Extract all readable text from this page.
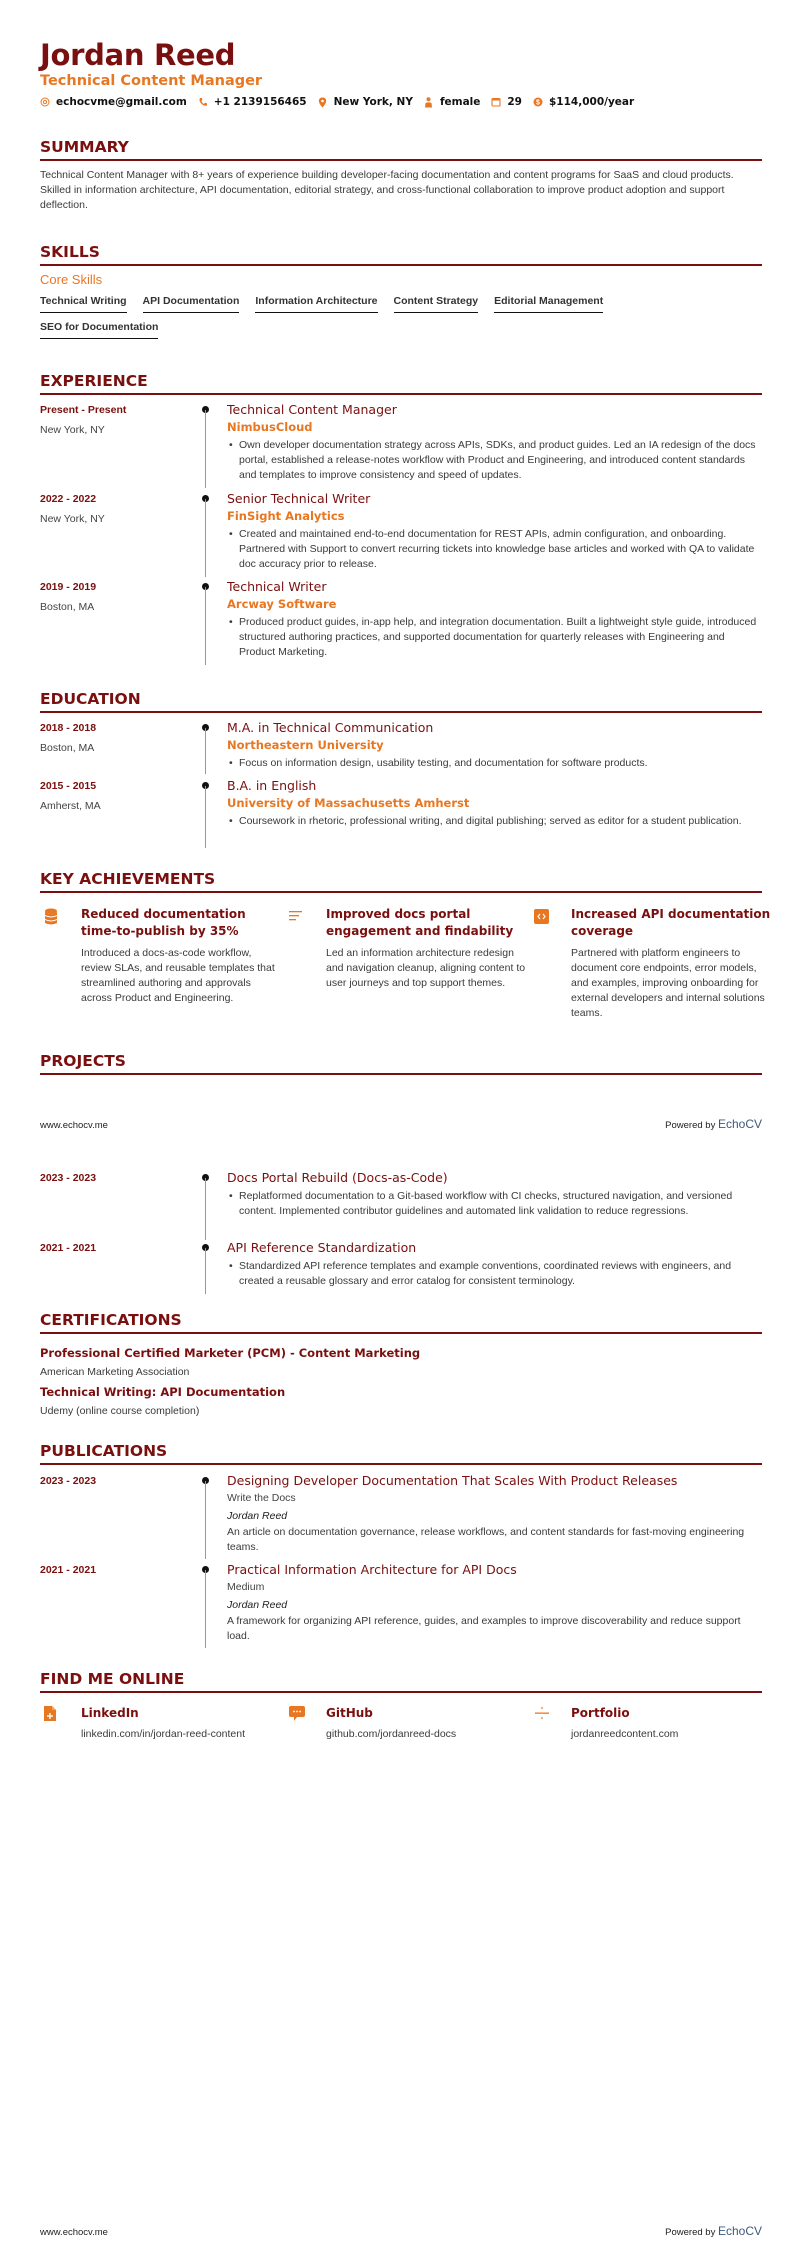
Jordan Reed
Technical Content Manager
echocvme@gmail.com	+1 2139156465	New York, NY	female	29 $ $114,000/year
SUMMARY
Technical Content Manager with 8+ years of experience building developer-facing documentation and content programs for SaaS and cloud products. Skilled in information architecture, API documentation, editorial strategy, and cross-functional collaboration to improve product adoption and support deflection.
SKILLS
Core Skills
Technical Writing API Documentation Information Architecture Content Strategy Editorial Management
SEO for Documentation
EXPERIENCE
Present - Present
New York, NY
Technical Content Manager
NimbusCloud
• Own developer documentation strategy across APIs, SDKs, and product guides. Led an IA redesign of the docs portal, established a release-notes workflow with Product and Engineering, and introduced content standards and templates to improve consistency and speed of updates.
2022 - 2022
New York, NY
Senior Technical Writer
FinSight Analytics
• Created and maintained end-to-end documentation for REST APIs, admin configuration, and onboarding. Partnered with Support to convert recurring tickets into knowledge base articles and worked with QA to validate doc accuracy prior to release.
2019 - 2019
Boston, MA
Technical Writer
Arcway Software
• Produced product guides, in-app help, and integration documentation. Built a lightweight style guide, introduced structured authoring practices, and supported documentation for quarterly releases with Engineering and Product Marketing.
EDUCATION
2018 - 2018
Boston, MA
M.A. in Technical Communication
Northeastern University
• Focus on information design, usability testing, and documentation for software products.
2015 - 2015
Amherst, MA
B.A. in English
University of Massachusetts Amherst
• Coursework in rhetoric, professional writing, and digital publishing; served as editor for a student publication.
KEY ACHIEVEMENTS
Reduced documentation time-to-publish by 35%
Introduced a docs-as-code workflow, review SLAs, and reusable templates that streamlined authoring and approvals across Product and Engineering.
Improved docs portal engagement and findability
Led an information architecture redesign and navigation cleanup, aligning content to user journeys and top support themes.
Increased API documentation coverage
Partnered with platform engineers to document core endpoints, error models, and examples, improving onboarding for external developers and internal solutions teams.
PROJECTS
www.echocv.me	Powered by EchoCV
2023 - 2023	Docs Portal Rebuild (Docs-as-Code)
• Replatformed documentation to a Git-based workflow with CI checks, structured navigation, and versioned content. Implemented contributor guidelines and automated link validation to reduce regressions.
2021 - 2021	API Reference Standardization
• Standardized API reference templates and example conventions, coordinated reviews with engineers, and created a reusable glossary and error catalog for consistent terminology.
CERTIFICATIONS
Professional Certified Marketer (PCM) - Content Marketing
American Marketing Association
Technical Writing: API Documentation
Udemy (online course completion)
PUBLICATIONS
2023 - 2023	Designing Developer Documentation That Scales With Product Releases
Write the Docs
Jordan Reed
An article on documentation governance, release workflows, and content standards for fast-moving engineering teams.
2021 - 2021	Practical Information Architecture for API Docs
Medium
Jordan Reed
A framework for organizing API reference, guides, and examples to improve discoverability and reduce support load.
FIND ME ONLINE
LinkedIn
linkedin.com/in/jordan-reed-content
GitHub
github.com/jordanreed-docs
Portfolio
jordanreedcontent.com
www.echocv.me	Powered by EchoCV
